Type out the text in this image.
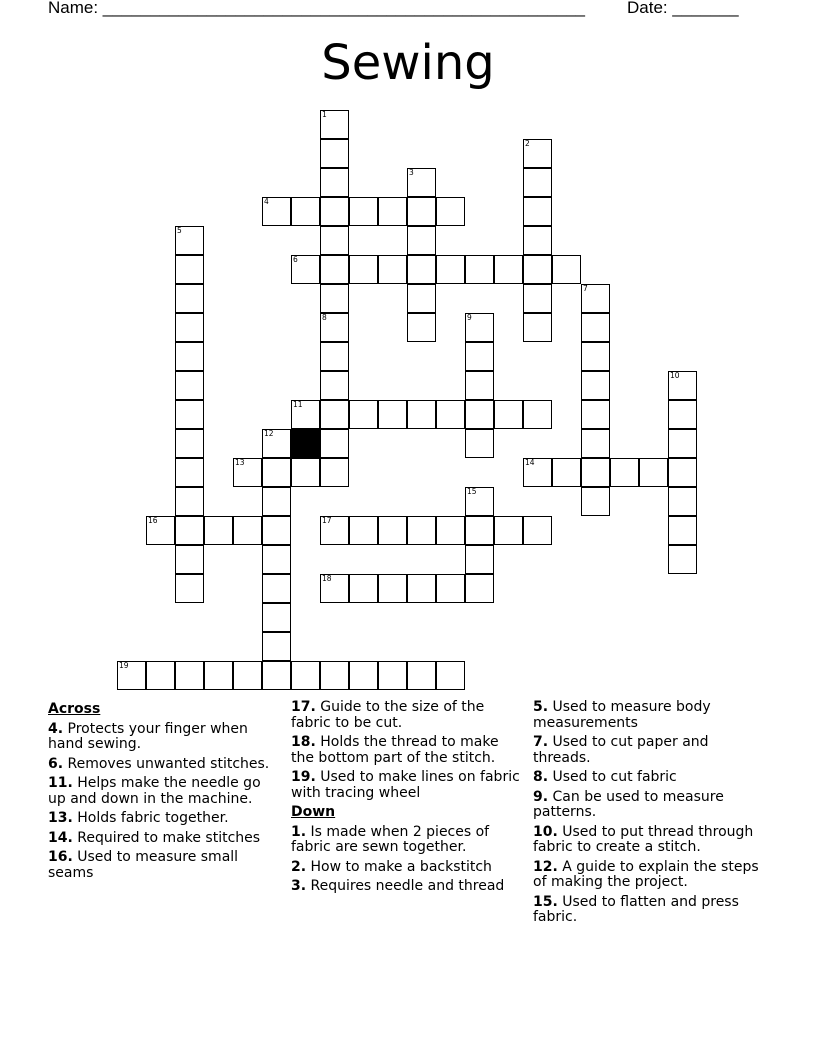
Name: ___________________________________________________ Date: _______
Sewing
1
8
2
3
4
5
6
7
9
10
11
12
13	14
15
16	17
18
19
Across
4. Protects your finger when hand sewing.
6. Removes unwanted stitches.
11. Helps make the needle go up and down in the machine.
13. Holds fabric together.
14. Required to make stitches
16. Used to measure small seams
17. Guide to the size of the fabric to be cut.
18. Holds the thread to make the bottom part of the stitch.
19. Used to make lines on fabric with tracing wheel
Down
1. Is made when 2 pieces of fabric are sewn together.
2. How to make a backstitch
3. Requires needle and thread
5. Used to measure body measurements
7. Used to cut paper and threads.
8. Used to cut fabric
9. Can be used to measure patterns.
10. Used to put thread through fabric to create a stitch.
12. A guide to explain the steps of making the project.
15. Used to flatten and press fabric.
